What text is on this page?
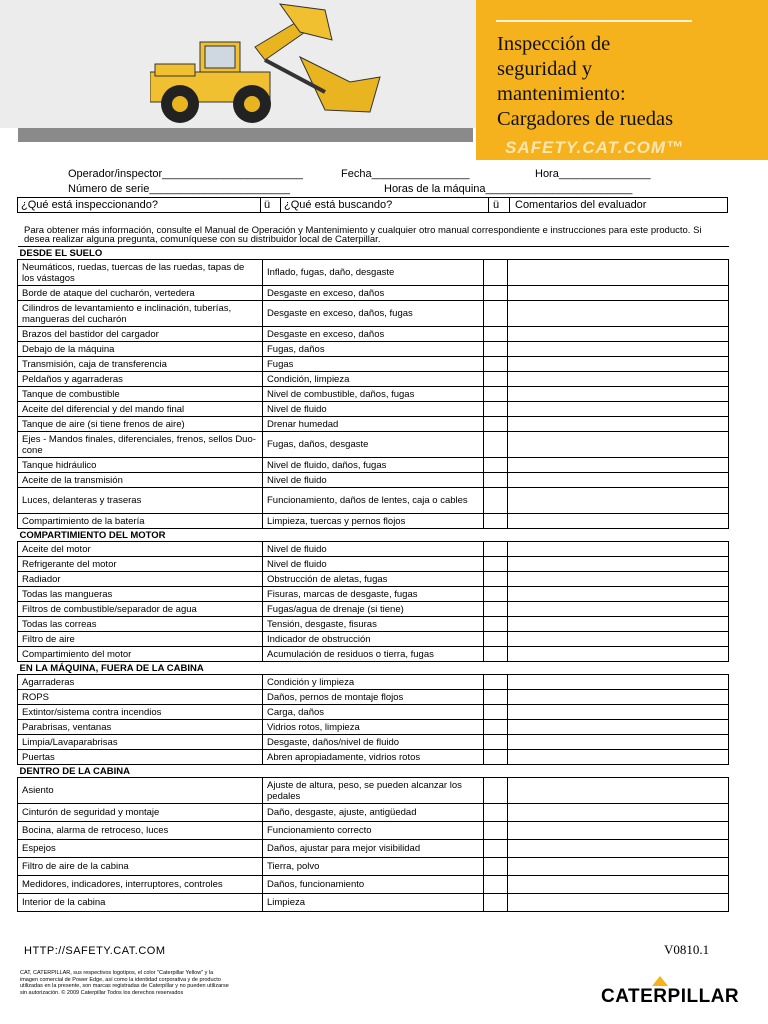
Inspección de
seguridad y
mantenimiento:
Cargadores de ruedas
SAFETY.CAT.COM™
Operador/inspector_______________________	Fecha________________	Hora_______________
Número de serie_______________________	Horas de la máquina________________________
¿Qué está inspeccionando?	ü ¿Qué está buscando?	ü Comentarios del evaluador
Para obtener más información, consulte el Manual de Operación y Mantenimiento y cualquier otro manual correspondiente e instrucciones para este producto. Si desea realizar alguna pregunta, comuníquese con su distribuidor local de Caterpillar.
DESDE EL SUELO			
Neumáticos, ruedas, tuercas de las ruedas, tapas de los vástagos	Inflado, fugas, daño, desgaste		
Borde de ataque del cucharón, vertedera	Desgaste en exceso, daños		
Cilindros de levantamiento e inclinación, tuberías, mangueras del cucharón	Desgaste en exceso, daños, fugas		
Brazos del bastidor del cargador	Desgaste en exceso, daños		
Debajo de la máquina	Fugas, daños		
Transmisión, caja de transferencia	Fugas		
Peldaños y agarraderas	Condición, limpieza		
Tanque de combustible	Nivel de combustible, daños, fugas		
Aceite del diferencial y del mando final	Nivel de fluido		
Tanque de aire (si tiene frenos de aire)	Drenar humedad		
Ejes - Mandos finales, diferenciales, frenos, sellos Duo-cone	Fugas, daños, desgaste		
Tanque hidráulico	Nivel de fluido, daños, fugas		
Aceite de la transmisión	Nivel de fluido		
Luces, delanteras y traseras	Funcionamiento, daños de lentes, caja o cables		
Compartimiento de la batería	Limpieza, tuercas y pernos flojos		
COMPARTIMIENTO DEL MOTOR			
Aceite del motor	Nivel de fluido		
Refrigerante del motor	Nivel de fluido		
Radiador	Obstrucción de aletas, fugas		
Todas las mangueras	Fisuras, marcas de desgaste, fugas		
Filtros de combustible/separador de agua	Fugas/agua de drenaje (si tiene)		
Todas las correas	Tensión, desgaste, fisuras		
Filtro de aire	Indicador de obstrucción		
Compartimiento del motor	Acumulación de residuos o tierra, fugas		
EN LA MÁQUINA, FUERA DE LA CABINA			
Agarraderas	Condición y limpieza		
ROPS	Daños, pernos de montaje flojos		
Extintor/sistema contra incendios	Carga, daños		
Parabrisas, ventanas	Vidrios rotos, limpieza		
Limpia/Lavaparabrisas	Desgaste, daños/nivel de fluido		
Puertas	Abren apropiadamente, vidrios rotos		
DENTRO DE LA CABINA			
Asiento	Ajuste de altura, peso, se pueden alcanzar los pedales		
Cinturón de seguridad y montaje	Daño, desgaste, ajuste, antigüedad		
Bocina, alarma de retroceso, luces	Funcionamiento correcto		
Espejos	Daños, ajustar para mejor visibilidad		
Filtro de aire de la cabina	Tierra, polvo		
Medidores, indicadores, interruptores, controles	Daños, funcionamiento		
Interior de la cabina	Limpieza		
HTTP://SAFETY.CAT.COM	V0810.1
CAT, CATERPILLAR, sus respectivos logotipos, el color "Caterpillar Yellow" y la imagen comercial de Power Edge, así como la identidad corporativa y de producto utilizadas en la presente, son marcas registradas de Caterpillar y no pueden utilizarse sin autorización. © 2009 Caterpillar Todos los derechos reservados	CATERPILLAR
